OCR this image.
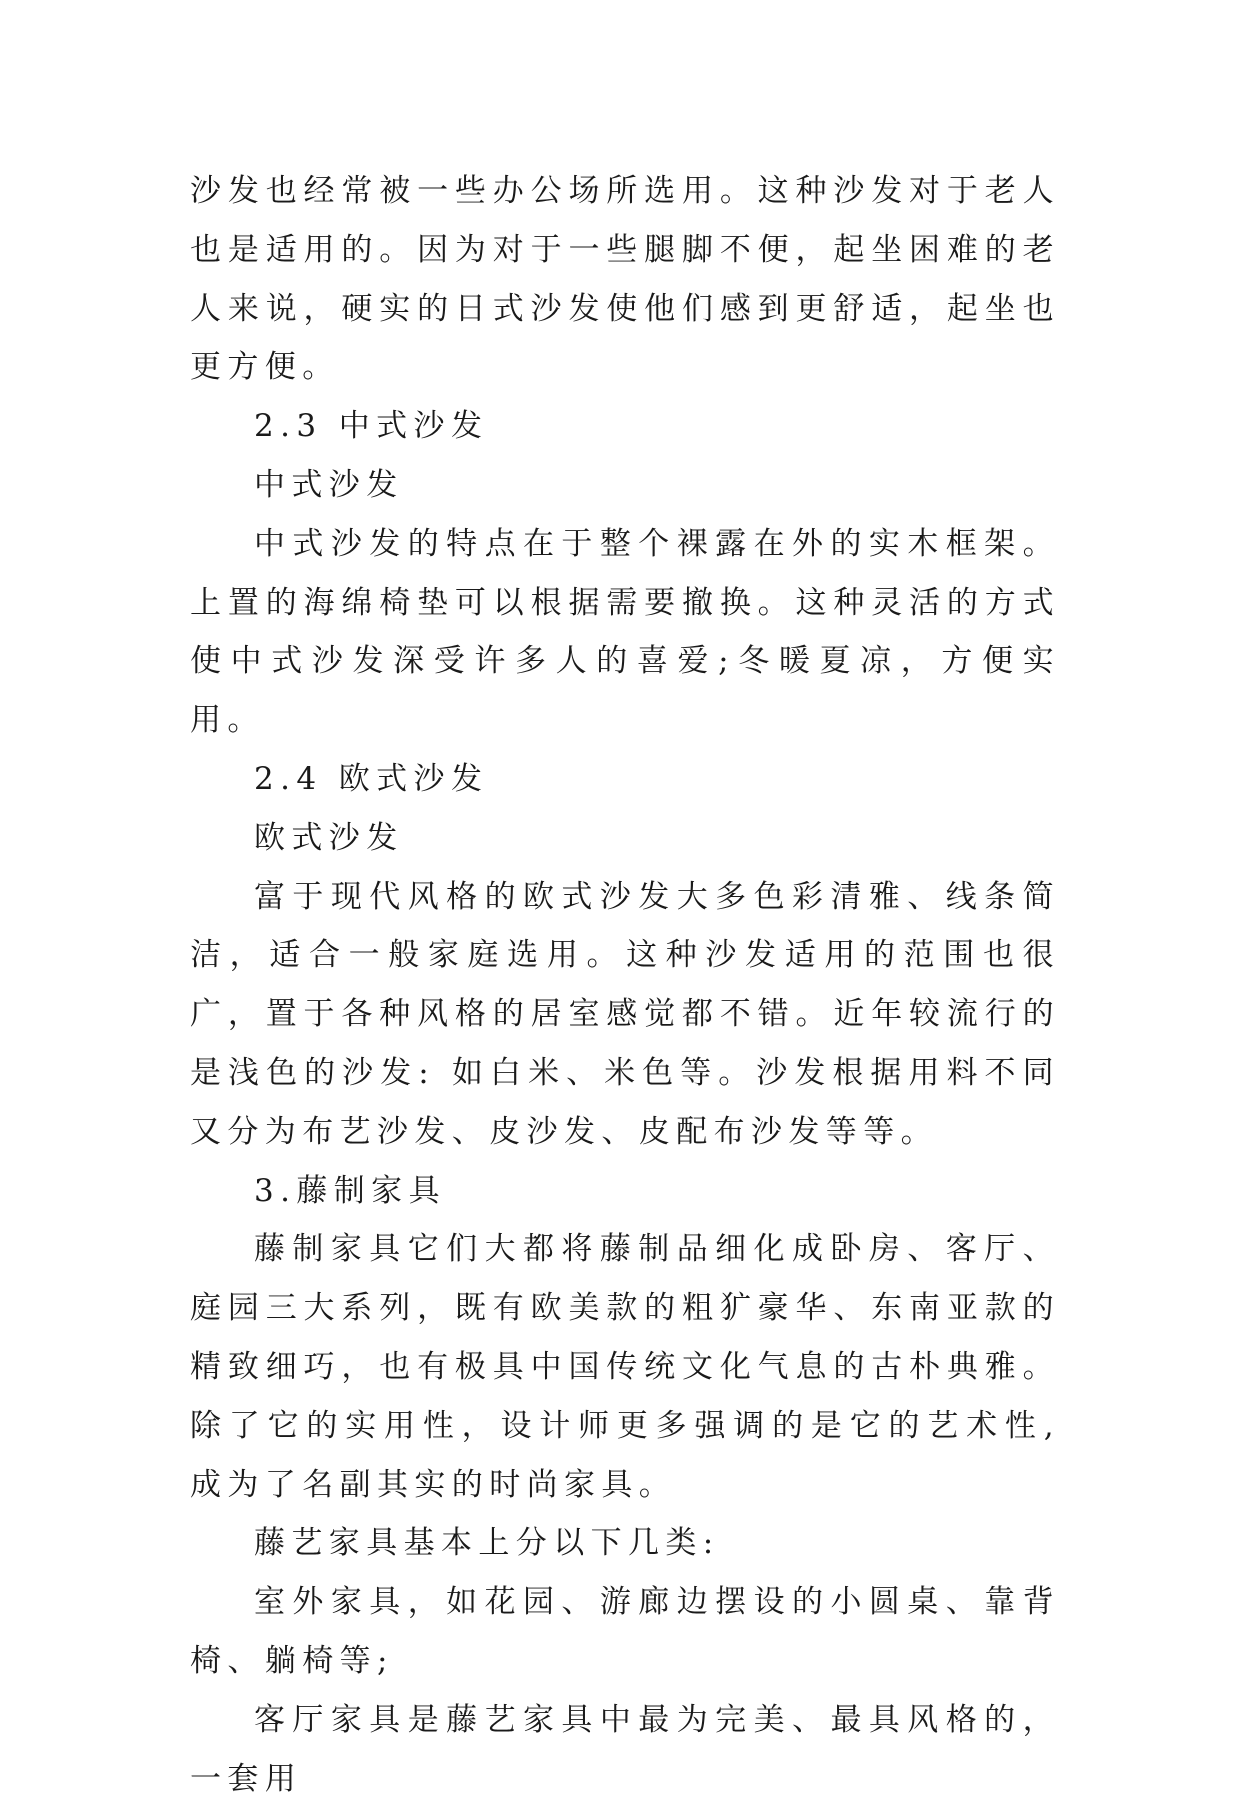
沙发也经常被一些办公场所选用。这种沙发对于老人也是适用的。因为对于一些腿脚不便，起坐困难的老人来说，硬实的日式沙发使他们感到更舒适，起坐也更方便。

2.3 中式沙发

中式沙发

中式沙发的特点在于整个裸露在外的实木框架。上置的海绵椅垫可以根据需要撤换。这种灵活的方式使中式沙发深受许多人的喜爱;冬暖夏凉，方便实用。

2.4 欧式沙发

欧式沙发

富于现代风格的欧式沙发大多色彩清雅、线条简洁，适合一般家庭选用。这种沙发适用的范围也很广，置于各种风格的居室感觉都不错。近年较流行的是浅色的沙发: 如白米、米色等。沙发根据用料不同又分为布艺沙发、皮沙发、皮配布沙发等等。

3.藤制家具

藤制家具它们大都将藤制品细化成卧房、客厅、庭园三大系列，既有欧美款的粗犷豪华、东南亚款的精致细巧，也有极具中国传统文化气息的古朴典雅。除了它的实用性，设计师更多强调的是它的艺术性,成为了名副其实的时尚家具。

藤艺家具基本上分以下几类:

室外家具，如花园、游廊边摆设的小圆桌、靠背椅、躺椅等;

客厅家具是藤艺家具中最为完美、最具风格的，一套用
